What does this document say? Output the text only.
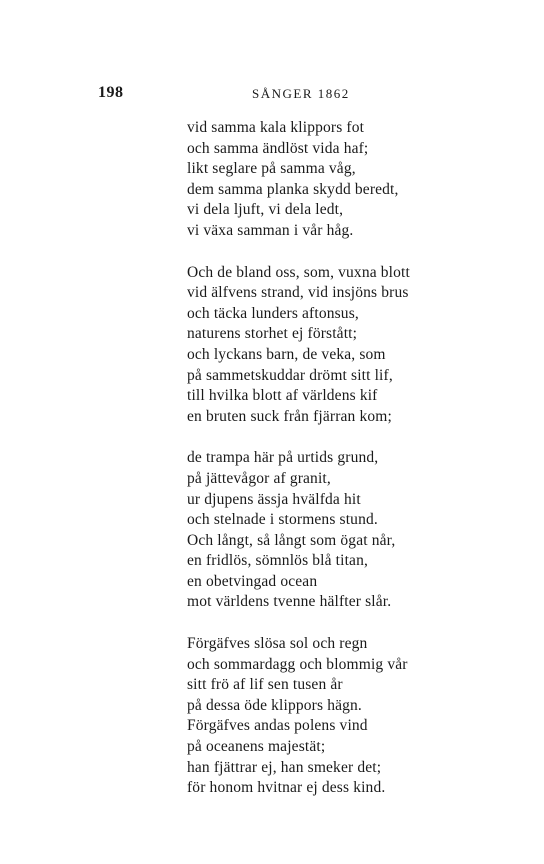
198	SÅNGER 1862
vid samma kala klippors fot
och samma ändlöst vida haf;
likt seglare på samma våg,
dem samma planka skydd beredt,
vi dela ljuft, vi dela ledt,
vi växa samman i vår håg.
Och de bland oss, som, vuxna blott
vid älfvens strand, vid insjöns brus
och täcka lunders aftonsus,
naturens storhet ej förstått;
och lyckans barn, de veka, som
på sammetskuddar drömt sitt lif,
till hvilka blott af världens kif
en bruten suck från fjärran kom;
de trampa här på urtids grund,
på jättevågor af granit,
ur djupens ässja hvälfda hit
och stelnade i stormens stund.
Och långt, så långt som ögat når,
en fridlös, sömnlös blå titan,
en obetvingad ocean
mot världens tvenne hälfter slår.
Förgäfves slösa sol och regn
och sommardagg och blommig vår
sitt frö af lif sen tusen år
på dessa öde klippors hägn.
Förgäfves andas polens vind
på oceanens majestät;
han fjättrar ej, han smeker det;
för honom hvitnar ej dess kind.
